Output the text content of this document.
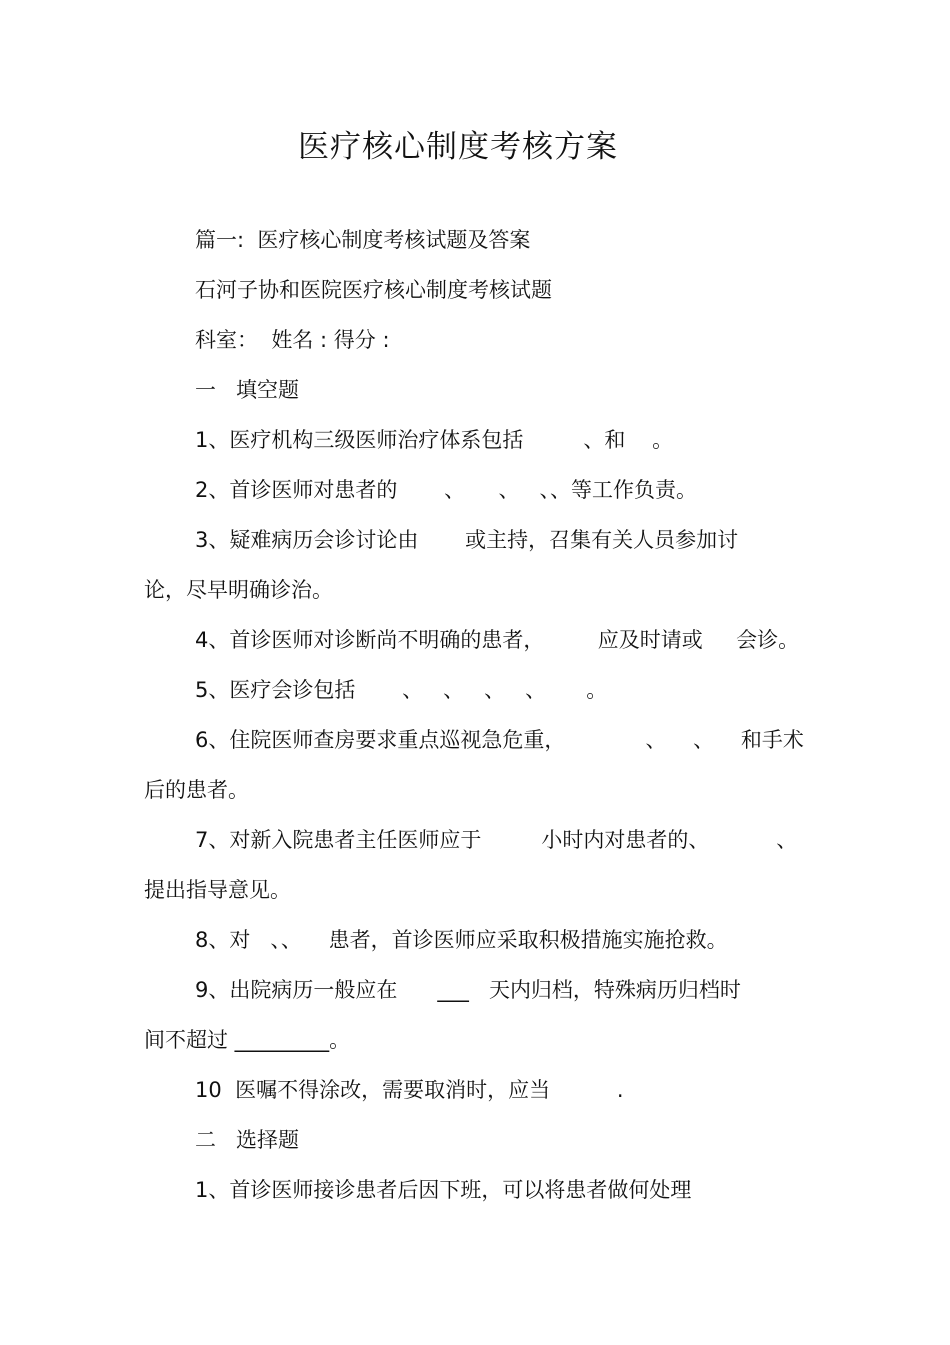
医疗核心制度考核方案
篇一:  医疗核心制度考核试题及答案
石河子协和医院医疗核心制度考核试题
科室：  姓名 : 得分 :
一   填空题
1、医疗机构三级医师治疗体系包括         、和    。
2、首诊医师对患者的       、     、   、、等工作负责。
3、疑难病历会诊讨论由       或主持，召集有关人员参加讨
论，尽早明确诊治。
4、首诊医师对诊断尚不明确的患者，        应及时请或     会诊。
5、医疗会诊包括       、   、   、   、      。
6、住院医师查房要求重点巡视急危重，            、    、    和手术
后的患者。
7、对新入院患者主任医师应于         小时内对患者的、          、
提出指导意见。
8、对   、、    患者，首诊医师应采取积极措施实施抢救。
9、出院病历一般应在      ___   天内归档，特殊病历归档时
间不超过 _________。
10  医嘱不得涂改，需要取消时，应当          .
二   选择题
1、首诊医师接诊患者后因下班，可以将患者做何处理
